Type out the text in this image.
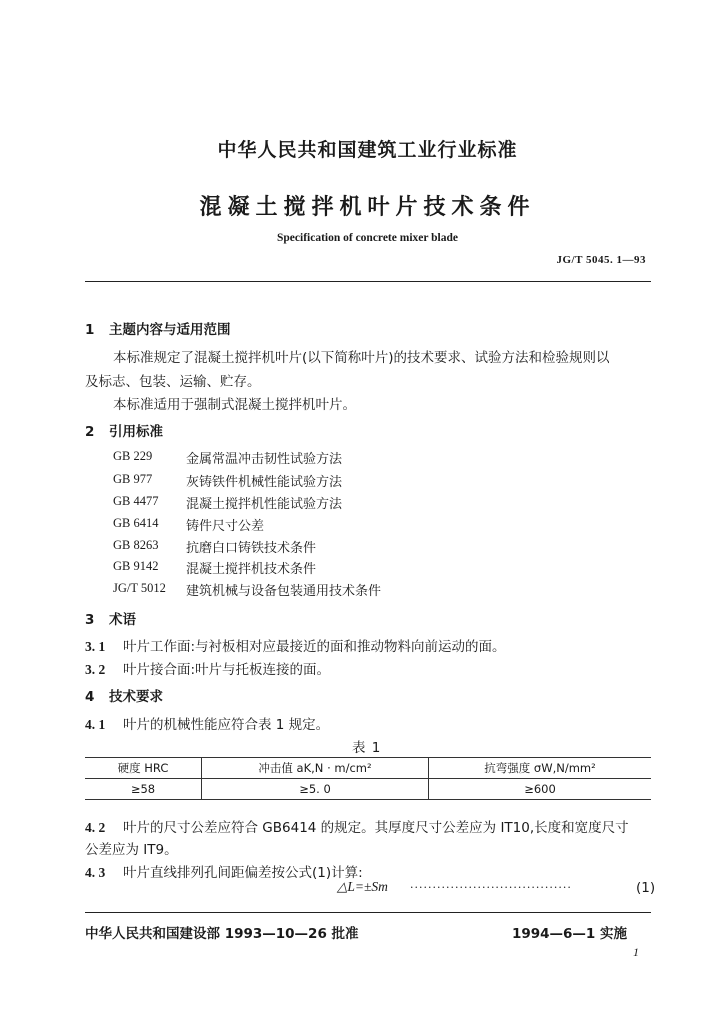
中华人民共和国建筑工业行业标准
混凝土搅拌机叶片技术条件
Specification of concrete mixer blade
JG/T 5045. 1—93
1 主题内容与适用范围
本标准规定了混凝土搅拌机叶片(以下简称叶片)的技术要求、试验方法和检验规则以
及标志、包装、运输、贮存。
本标准适用于强制式混凝土搅拌机叶片。
2 引用标准
GB 229	金属常温冲击韧性试验方法
GB 977	灰铸铁件机械性能试验方法
GB 4477 混凝土搅拌机性能试验方法
GB 6414 铸件尺寸公差
GB 8263 抗磨白口铸铁技术条件
GB 9142 混凝土搅拌机技术条件
JG/T 5012 建筑机械与设备包装通用技术条件
3 术语
3. 1 叶片工作面:与衬板相对应最接近的面和推动物料向前运动的面。
3. 2 叶片接合面:叶片与托板连接的面。
4 技术要求
4. 1 叶片的机械性能应符合表 1 规定。
表 1
硬度 HRC	冲击值 aK,N · m/cm²	抗弯强度 σW,N/mm²
≥58	≥5. 0	≥600
4. 2 叶片的尺寸公差应符合 GB6414 的规定。其厚度尺寸公差应为 IT10,长度和宽度尺寸
公差应为 IT9。
4. 3 叶片直线排列孔间距偏差按公式(1)计算:
△L=±Sm ····································	(1)
中华人民共和国建设部 1993—10—26 批准	1994—6—1 实施
1
